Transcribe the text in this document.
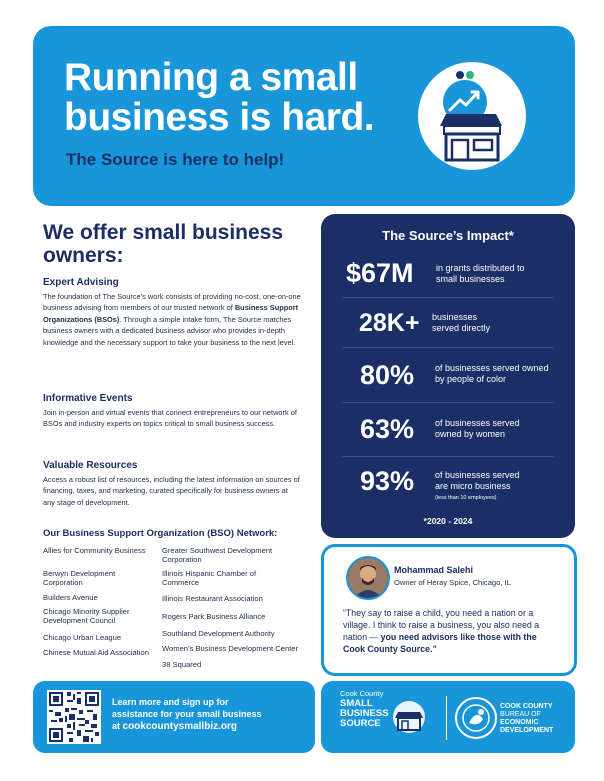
Running a small business is hard.
The Source is here to help!
We offer small business owners:
Expert Advising
The foundation of The Source’s work consists of providing no-cost, one-on-one business advising from members of our trusted network of Business Support Organizations (BSOs). Through a simple intake form, The Source matches business owners with a dedicated business advisor who provides in-depth knowledge and the necessary support to take your business to the next level.
Informative Events
Join in-person and virtual events that connect entrepreneurs to our network of BSOs and industry experts on topics critical to small business success.
Valuable Resources
Access a robust list of resources, including the latest information on sources of financing, taxes, and marketing, curated specifically for business owners at any stage of development.
Our Business Support Organization (BSO) Network:
Allies for Community Business
Berwyn Development Corporation
Builders Avenue
Chicago Minority Supplier Development Council
Chicago Urban League
Chinese Mutual Aid Association
Greater Southwest Development Corporation
Illinois Hispanic Chamber of Commerce
Illinois Restaurant Association
Rogers Park Business Alliance
Southland Development Authority
Women’s Business Development Center
38 Squared
The Source’s Impact*
$67M in grants distributed to small businesses
28K+ businesses served directly
80% of businesses served owned by people of color
63% of businesses served owned by women
93% of businesses served are micro business
(less than 10 employees)
*2020 - 2024
Mohammad Salehi
Owner of Heray Spice, Chicago, IL
“They say to raise a child, you need a nation or a village. I think to raise a business, you also need a nation — you need advisors like those with the Cook County Source.”
Learn more and sign up for
assistance for your small business
at cookcountysmallbiz.org
Cook County
SMALL
BUSINESS
SOURCE
COOK COUNTY
BUREAU OF
ECONOMIC
DEVELOPMENT
